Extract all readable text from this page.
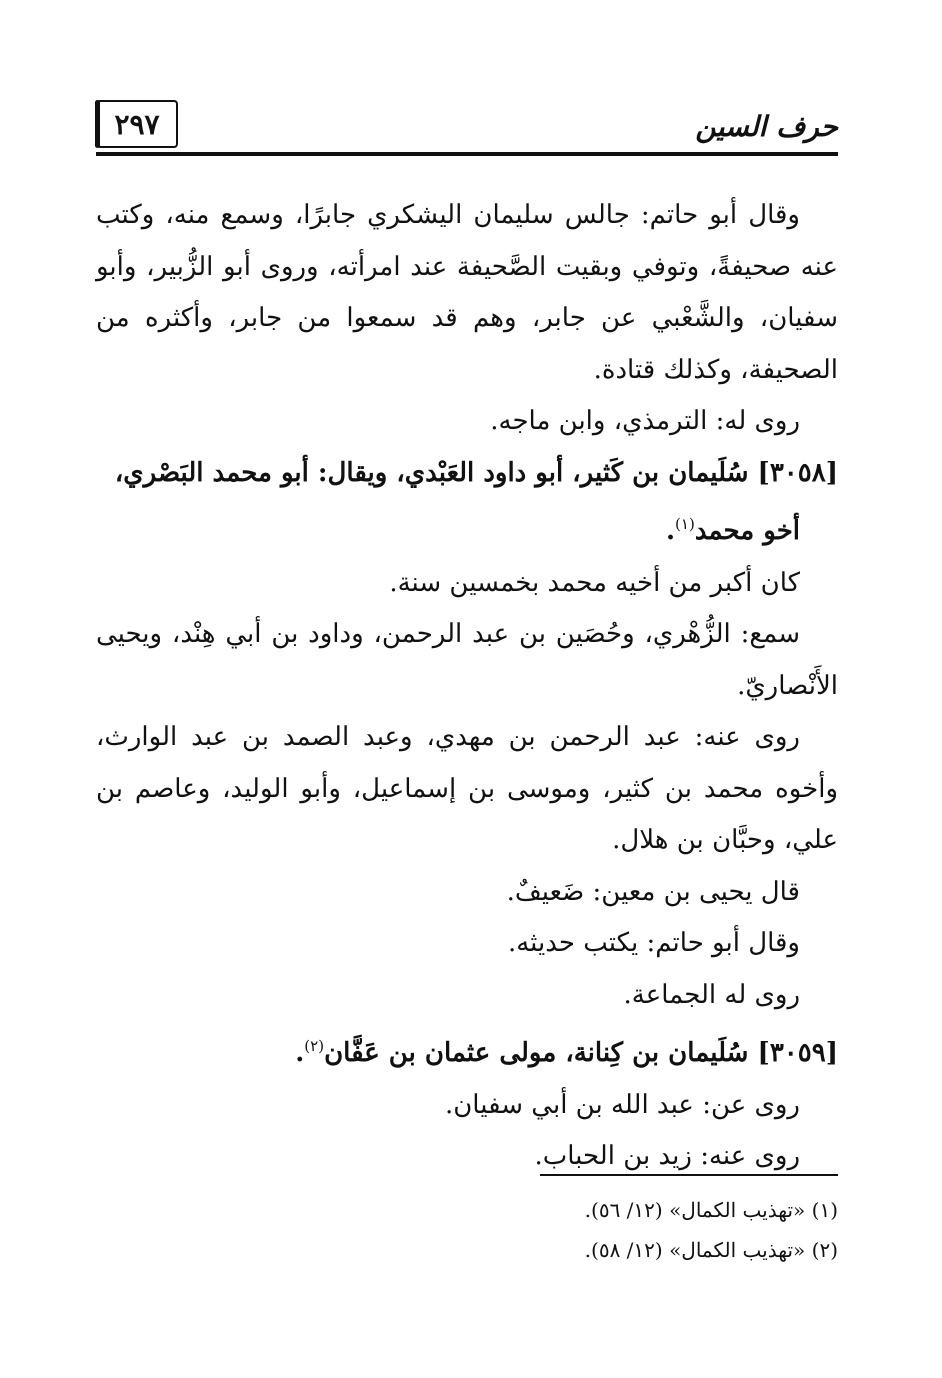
٢٩٧	حرف السين

وقال أبو حاتم: جالس سليمان اليشكري جابرًا، وسمع منه، وكتب عنه صحيفةً، وتوفي وبقيت الصَّحيفة عند امرأته، وروى أبو الزُّبير، وأبو سفيان، والشَّعْبي عن جابر، وهم قد سمعوا من جابر، وأكثره من الصحيفة، وكذلك قتادة.

روى له: الترمذي، وابن ماجه.

[٣٠٥٨] سُلَيمان بن كَثير، أبو داود العَبْدي، ويقال: أبو محمد البَصْري،
أخو محمد$^{(١)}$.

كان أكبر من أخيه محمد بخمسين سنة.

سمع: الزُّهْري، وحُصَين بن عبد الرحمن، وداود بن أبي هِنْد، ويحيى الأَنْصاريّ.

روى عنه: عبد الرحمن بن مهدي، وعبد الصمد بن عبد الوارث، وأخوه محمد بن كثير، وموسى بن إسماعيل، وأبو الوليد، وعاصم بن علي، وحبَّان بن هلال.

قال يحيى بن معين: ضَعيفٌ.

وقال أبو حاتم: يكتب حديثه.

روى له الجماعة.

[٣٠٥٩] سُلَيمان بن كِنانة، مولى عثمان بن عَفَّان$^{(٢)}$.

روى عن: عبد الله بن أبي سفيان.

روى عنه: زيد بن الحباب.

(١) «تهذيب الكمال» (١٢/ ٥٦).

(٢) «تهذيب الكمال» (١٢/ ٥٨).
